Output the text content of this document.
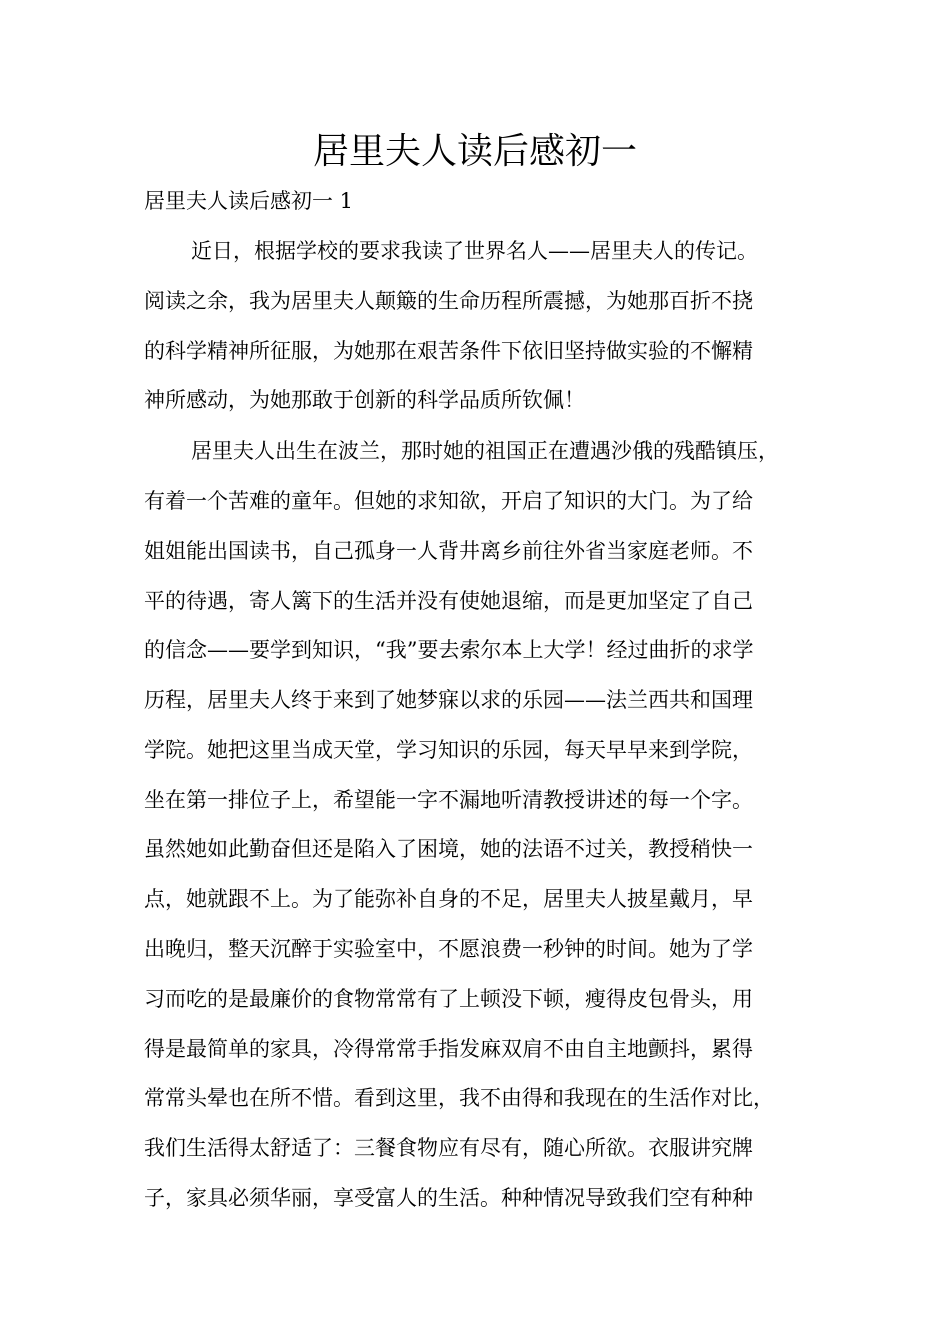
居里夫人读后感初一
居里夫人读后感初一 1
近日，根据学校的要求我读了世界名人——居里夫人的传记。
阅读之余，我为居里夫人颠簸的生命历程所震撼，为她那百折不挠
的科学精神所征服，为她那在艰苦条件下依旧坚持做实验的不懈精
神所感动，为她那敢于创新的科学品质所钦佩！
居里夫人出生在波兰，那时她的祖国正在遭遇沙俄的残酷镇压，
有着一个苦难的童年。但她的求知欲，开启了知识的大门。为了给
姐姐能出国读书，自己孤身一人背井离乡前往外省当家庭老师。不
平的待遇，寄人篱下的生活并没有使她退缩，而是更加坚定了自己
的信念——要学到知识，“我”要去索尔本上大学！经过曲折的求学
历程，居里夫人终于来到了她梦寐以求的乐园——法兰西共和国理
学院。她把这里当成天堂，学习知识的乐园，每天早早来到学院，
坐在第一排位子上，希望能一字不漏地听清教授讲述的每一个字。
虽然她如此勤奋但还是陷入了困境，她的法语不过关，教授稍快一
点，她就跟不上。为了能弥补自身的不足，居里夫人披星戴月，早
出晚归，整天沉醉于实验室中，不愿浪费一秒钟的时间。她为了学
习而吃的是最廉价的食物常常有了上顿没下顿，瘦得皮包骨头，用
得是最简单的家具，冷得常常手指发麻双肩不由自主地颤抖，累得
常常头晕也在所不惜。看到这里，我不由得和我现在的生活作对比，
我们生活得太舒适了：三餐食物应有尽有，随心所欲。衣服讲究牌
子，家具必须华丽，享受富人的生活。种种情况导致我们空有种种
